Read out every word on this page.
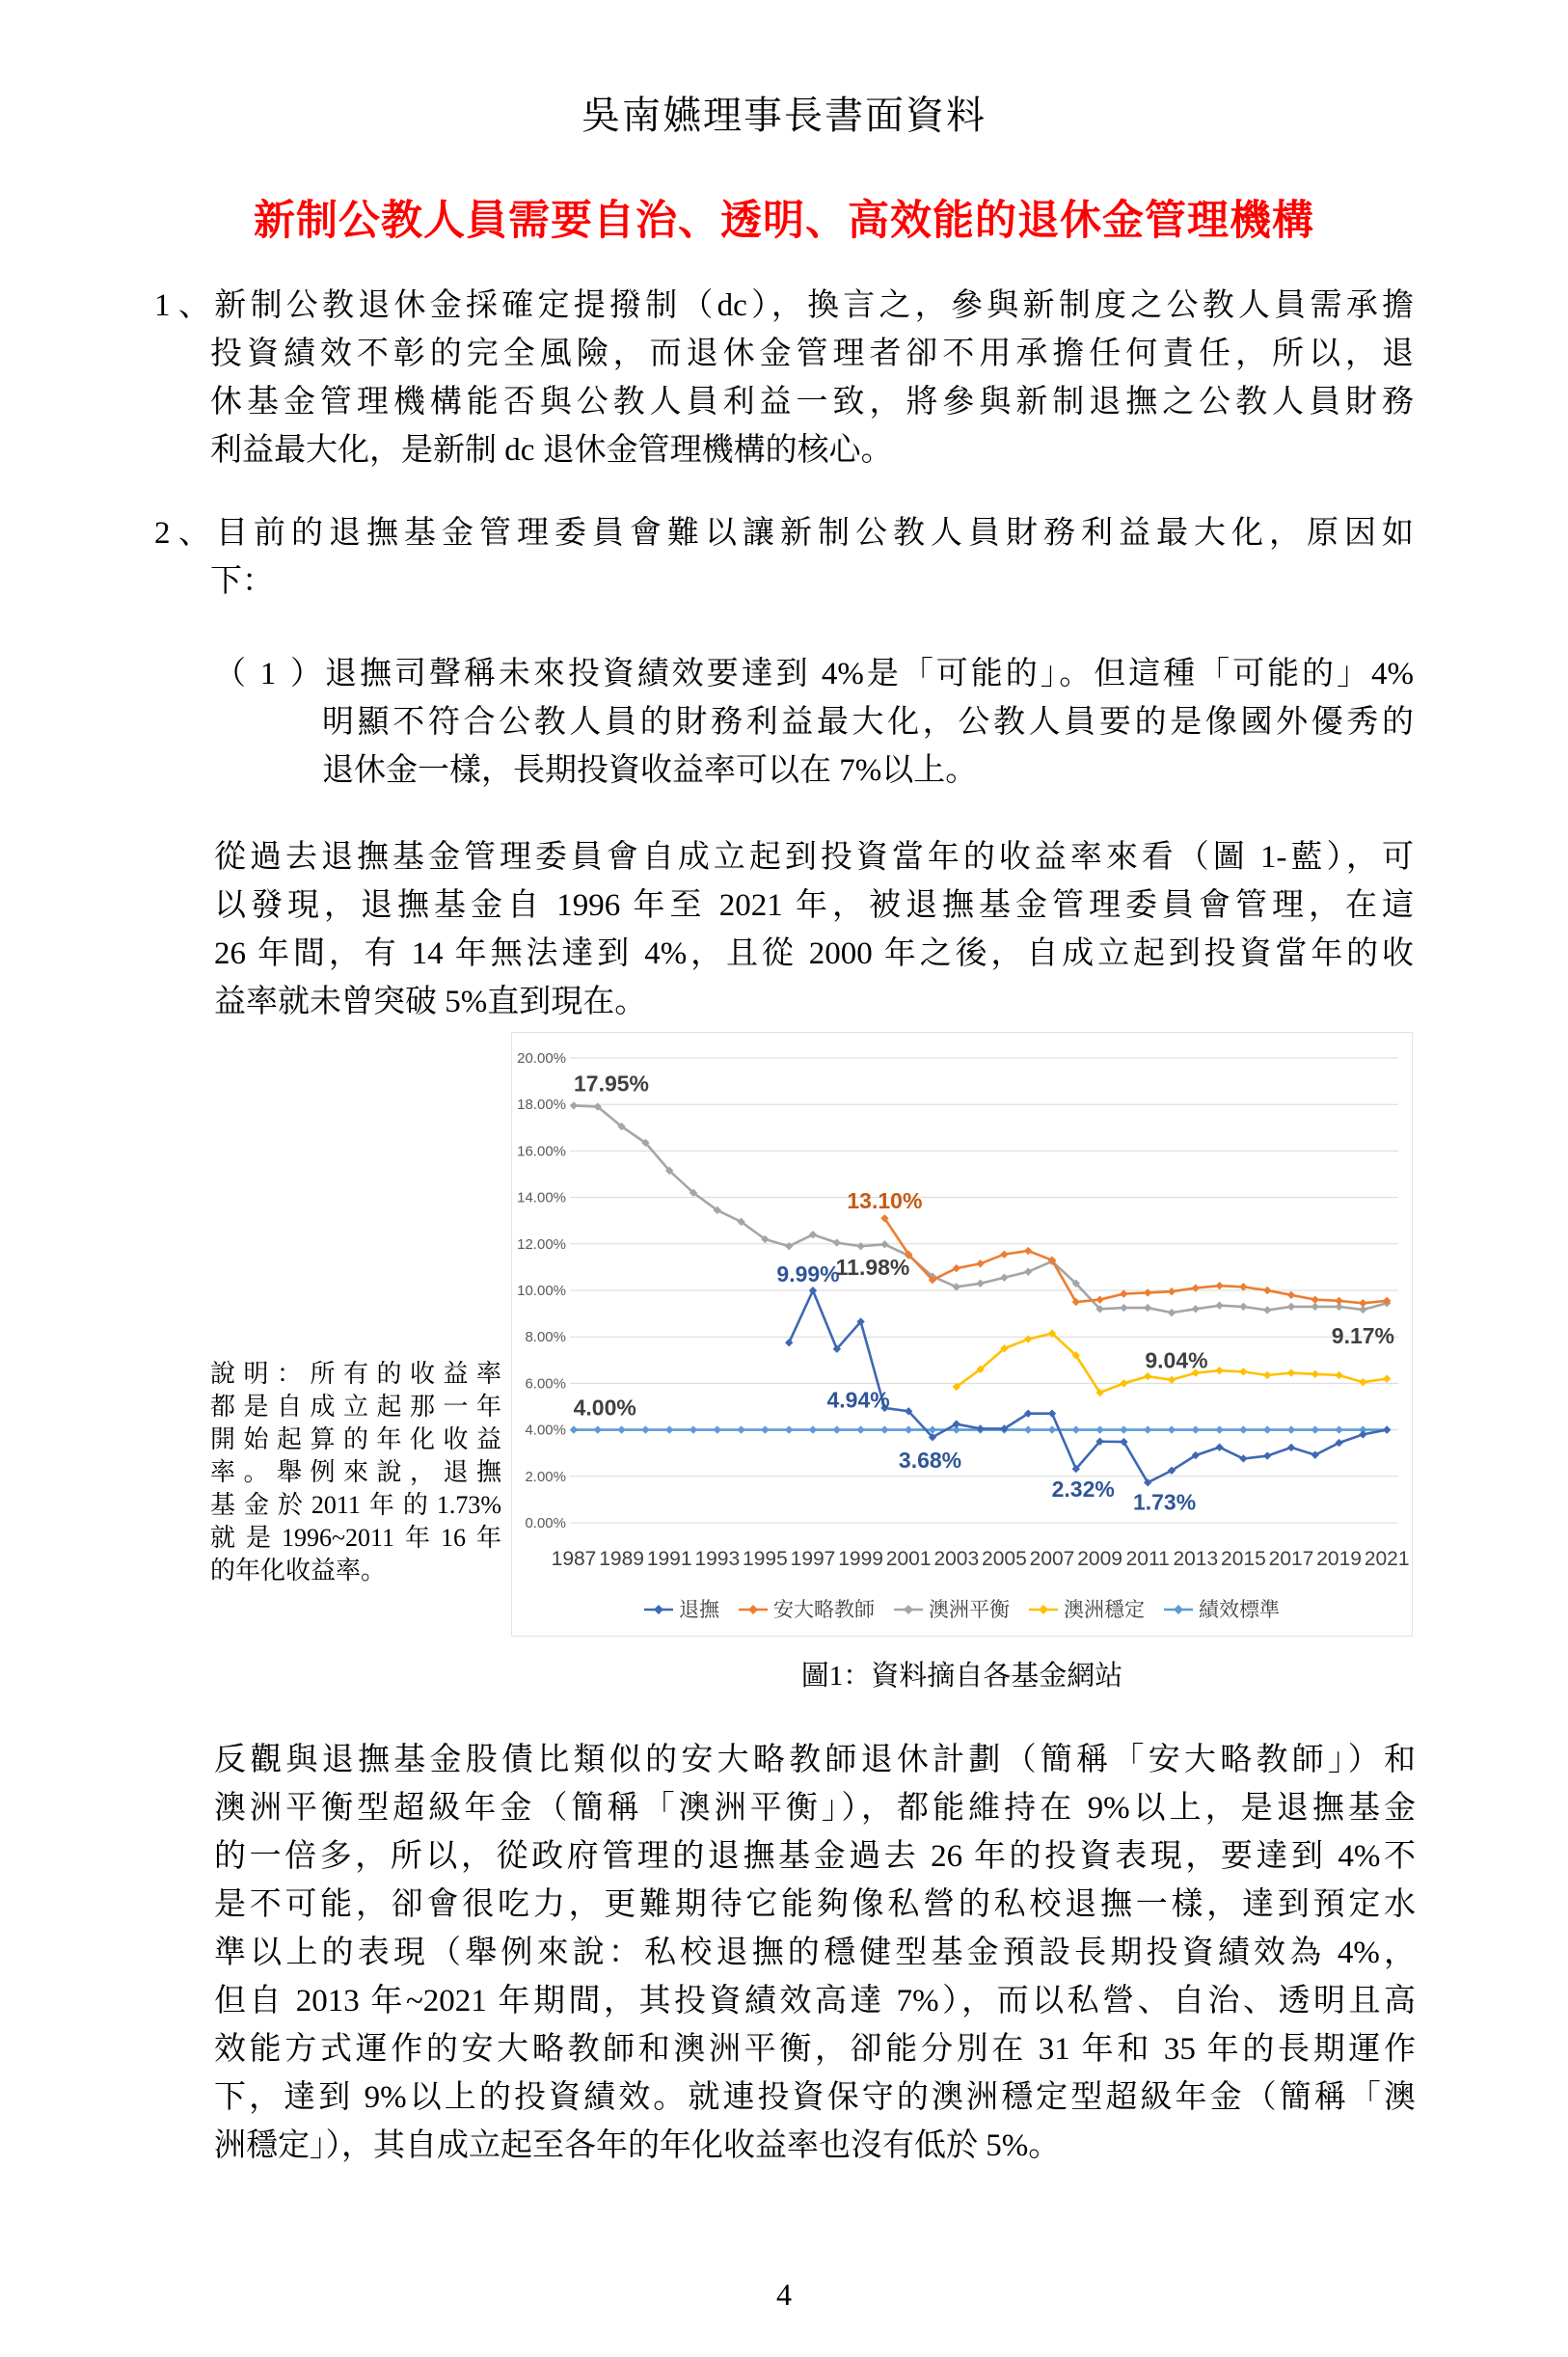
吳南嬿理事長書面資料
新制公教人員需要自治、透明、高效能的退休金管理機構
1、新制公教退休金採確定提撥制（dc），換言之，參與新制度之公教人員需承擔
投資績效不彰的完全風險，而退休金管理者卻不用承擔任何責任，所以，退
休基金管理機構能否與公教人員利益一致，將參與新制退撫之公教人員財務
利益最大化，是新制 dc 退休金管理機構的核心。
2、目前的退撫基金管理委員會難以讓新制公教人員財務利益最大化，原因如
下：
（1）退撫司聲稱未來投資績效要達到 4%是「可能的」。但這種「可能的」4%
明顯不符合公教人員的財務利益最大化，公教人員要的是像國外優秀的
退休金一樣，長期投資收益率可以在 7%以上。
從過去退撫基金管理委員會自成立起到投資當年的收益率來看（圖 1-藍），可
以發現，退撫基金自 1996 年至 2021 年，被退撫基金管理委員會管理，在這
26 年間，有 14 年無法達到 4%，且從 2000 年之後，自成立起到投資當年的收
益率就未曾突破 5%直到現在。
說明：所有的收益率
都是自成立起那一年
開始起算的年化收益
率。舉例來說，退撫
基金於2011年的1.73%
就是1996~2011年16年
的年化收益率。
0.00%
2.00%
4.00%
6.00%
8.00%
10.00%
12.00%
14.00%
16.00%
18.00%
20.00%
1987 1989 1991 1993 1995 1997 1999 2001 2003 2005 2007 2009 2011 2013 2015 2017 2019 2021
17.95%
13.10%
11.98%
9.99%
4.00%	4.94%
3.68%
2.32%
1.73%
9.04%
9.17%
退撫	安大略教師	澳洲平衡	澳洲穩定	績效標準
圖1：資料摘自各基金網站
反觀與退撫基金股債比類似的安大略教師退休計劃（簡稱「安大略教師」）和
澳洲平衡型超級年金（簡稱「澳洲平衡」），都能維持在 9%以上，是退撫基金
的一倍多，所以，從政府管理的退撫基金過去 26 年的投資表現，要達到 4%不
是不可能，卻會很吃力，更難期待它能夠像私營的私校退撫一樣，達到預定水
準以上的表現（舉例來說：私校退撫的穩健型基金預設長期投資績效為 4%，
但自 2013 年~2021 年期間，其投資績效高達 7%），而以私營、自治、透明且高
效能方式運作的安大略教師和澳洲平衡，卻能分別在 31 年和 35 年的長期運作
下，達到 9%以上的投資績效。就連投資保守的澳洲穩定型超級年金（簡稱「澳
洲穩定」），其自成立起至各年的年化收益率也沒有低於 5%。
4
